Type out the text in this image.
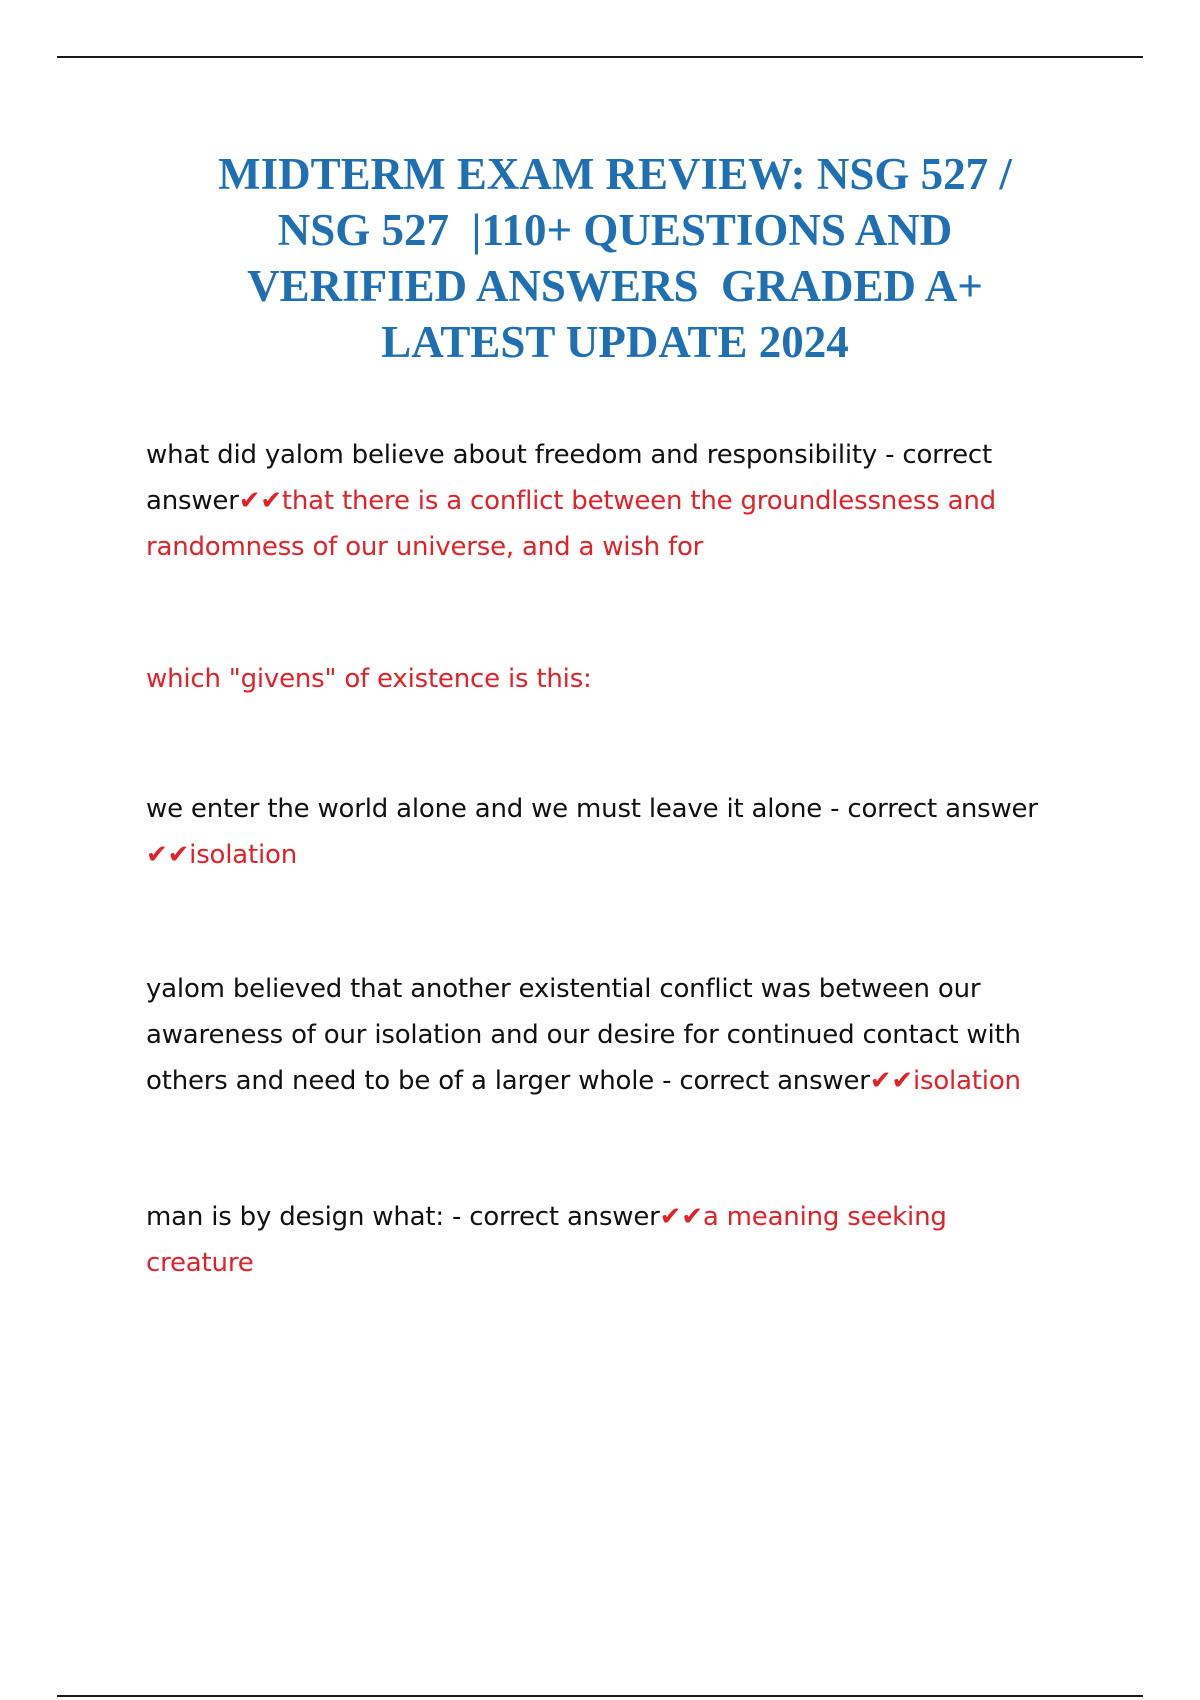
MIDTERM EXAM REVIEW: NSG 527 /
NSG 527  |110+ QUESTIONS AND
VERIFIED ANSWERS  GRADED A+
LATEST UPDATE 2024
what did yalom believe about freedom and responsibility - correct
answer✔✔that there is a conflict between the groundlessness and
randomness of our universe, and a wish for
which "givens" of existence is this:
we enter the world alone and we must leave it alone - correct answer
✔✔isolation
yalom believed that another existential conflict was between our
awareness of our isolation and our desire for continued contact with
others and need to be of a larger whole - correct answer✔✔isolation
man is by design what: - correct answer✔✔a meaning seeking
creature
